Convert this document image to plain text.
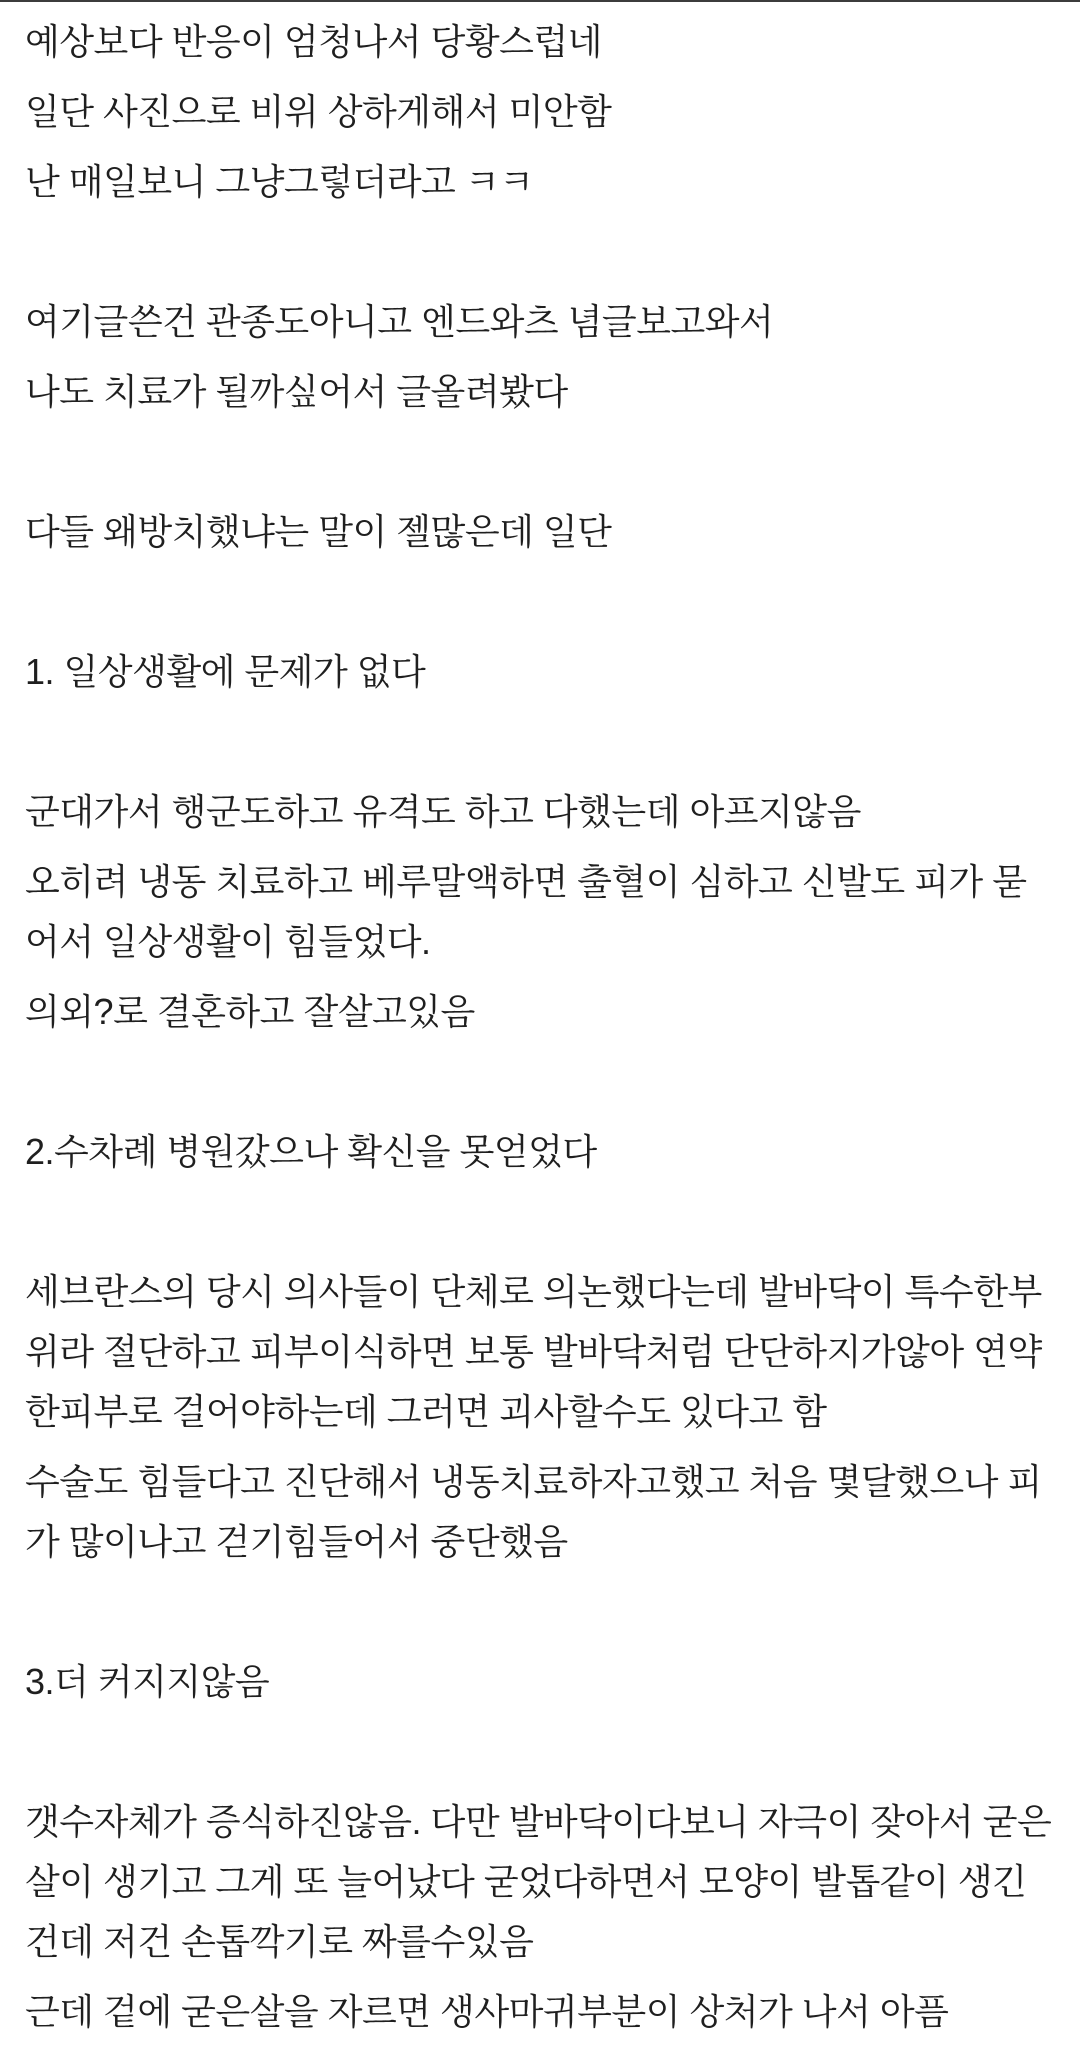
예상보다 반응이 엄청나서 당황스럽네

일단 사진으로 비위 상하게해서 미안함

난 매일보니 그냥그렇더라고 ㅋㅋ

여기글쓴건 관종도아니고 엔드와츠 념글보고와서

나도 치료가 될까싶어서 글올려봤다

다들 왜방치했냐는 말이 젤많은데 일단

1. 일상생활에 문제가 없다

군대가서 행군도하고 유격도 하고 다했는데 아프지않음

오히려 냉동 치료하고 베루말액하면 출혈이 심하고 신발도 피가 묻어서 일상생활이 힘들었다.

의외?로 결혼하고 잘살고있음

2.수차례 병원갔으나 확신을 못얻었다

세브란스의 당시 의사들이 단체로 의논했다는데 발바닥이 특수한부위라 절단하고 피부이식하면 보통 발바닥처럼 단단하지가않아 연약한피부로 걸어야하는데 그러면 괴사할수도 있다고 함

수술도 힘들다고 진단해서 냉동치료하자고했고 처음 몇달했으나 피가 많이나고 걷기힘들어서 중단했음

3.더 커지지않음

갯수자체가 증식하진않음. 다만 발바닥이다보니 자극이 잦아서 굳은살이 생기고 그게 또 늘어났다 굳었다하면서 모양이 발톱같이 생긴건데 저건 손톱깍기로 짜를수있음

근데 겉에 굳은살을 자르면 생사마귀부분이 상처가 나서 아픔
